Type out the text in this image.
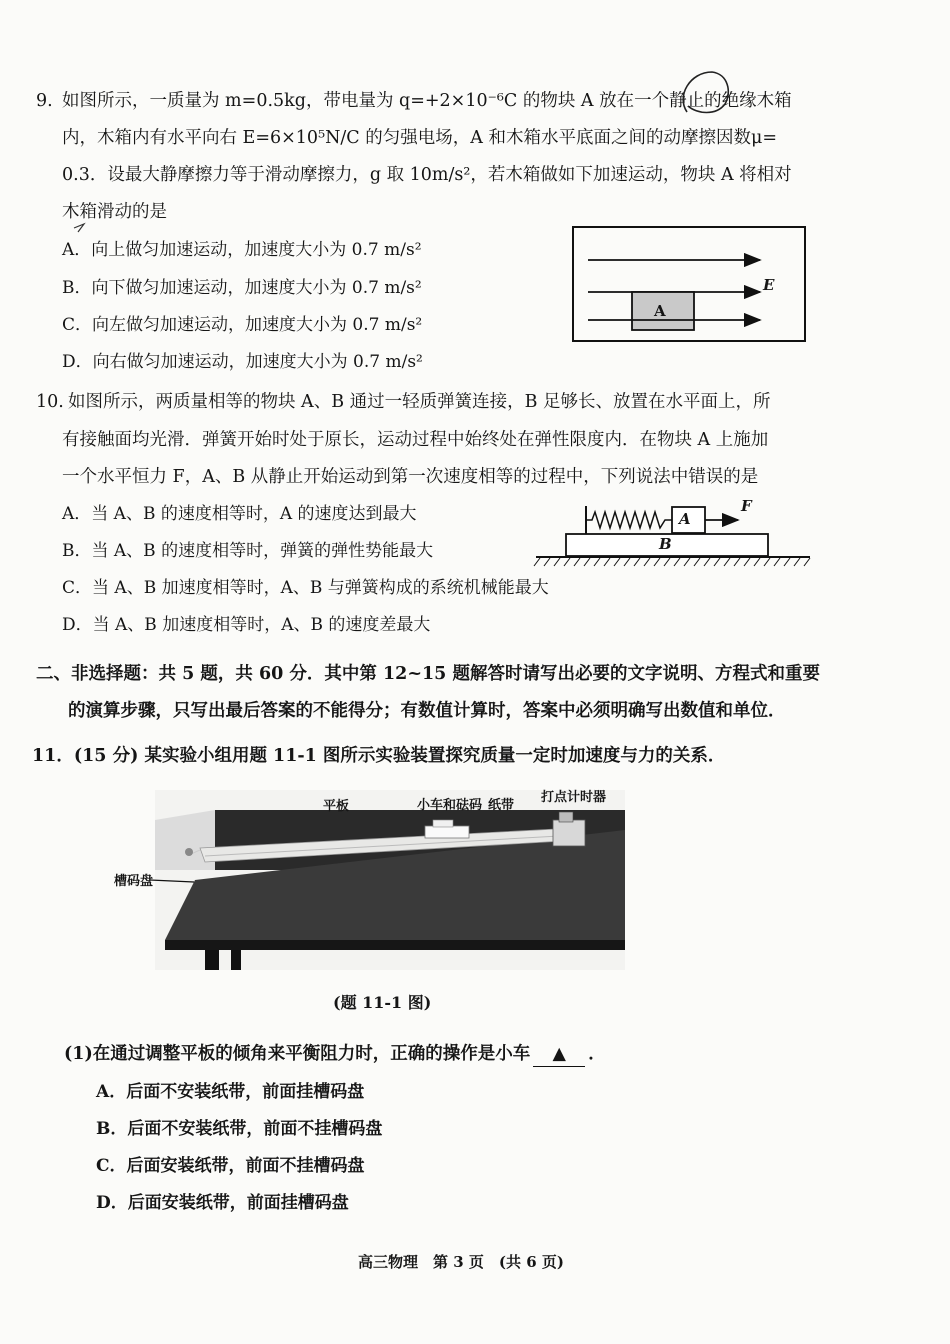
9. 如图所示，一质量为 m=0.5kg，带电量为 q=+2×10⁻⁶C 的物块 A 放在一个静止的绝缘木箱
内，木箱内有水平向右 E=6×10⁵N/C 的匀强电场，A 和木箱水平底面之间的动摩擦因数μ=
0.3．设最大静摩擦力等于滑动摩擦力，g 取 10m/s²，若木箱做如下加速运动，物块 A 将相对
木箱滑动的是
A．向上做匀加速运动，加速度大小为 0.7 m/s²
B．向下做匀加速运动，加速度大小为 0.7 m/s²
C．向左做匀加速运动，加速度大小为 0.7 m/s²
D．向右做匀加速运动，加速度大小为 0.7 m/s²
E
A
10. 如图所示，两质量相等的物块 A、B 通过一轻质弹簧连接，B 足够长、放置在水平面上，所
有接触面均光滑．弹簧开始时处于原长，运动过程中始终处在弹性限度内．在物块 A 上施加
一个水平恒力 F，A、B 从静止开始运动到第一次速度相等的过程中，下列说法中错误的是
A．当 A、B 的速度相等时，A 的速度达到最大
B．当 A、B 的速度相等时，弹簧的弹性势能最大
C．当 A、B 加速度相等时，A、B 与弹簧构成的系统机械能最大
D．当 A、B 加速度相等时，A、B 的速度差最大
A
B
F
二、非选择题：共 5 题，共 60 分．其中第 12~15 题解答时请写出必要的文字说明、方程式和重要
的演算步骤，只写出最后答案的不能得分；有数值计算时，答案中必须明确写出数值和单位．
11．(15 分) 某实验小组用题 11-1 图所示实验装置探究质量一定时加速度与力的关系．
平板	小车和砝码 纸带
打点计时器
槽码盘
(题 11-1 图)
(1)在通过调整平板的倾角来平衡阻力时，正确的操作是小车 ▲ ．
A．后面不安装纸带，前面挂槽码盘
B．后面不安装纸带，前面不挂槽码盘
C．后面安装纸带，前面不挂槽码盘
D．后面安装纸带，前面挂槽码盘
高三物理　第 3 页　(共 6 页)
